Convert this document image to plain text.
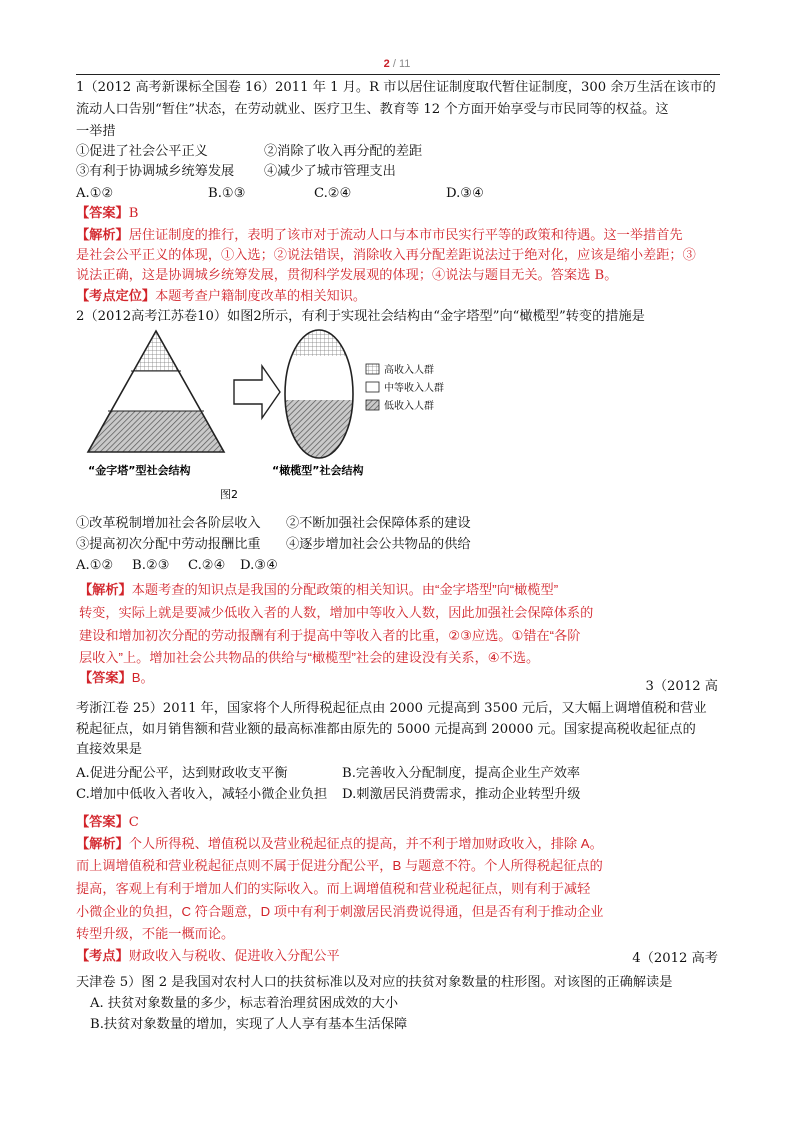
2 / 11
1（2012 高考新课标全国卷 16）2011 年 1 月。R 市以居住证制度取代暂住证制度，300 余万生活在该市的
流动人口告别“暂住”状态，在劳动就业、医疗卫生、教育等 12 个方面开始享受与市民同等的权益。这
一举措
①促进了社会公平正义	②消除了收入再分配的差距
③有利于协调城乡统筹发展 ④减少了城市管理支出
A.①②	B.①③	C.②④	D.③④
【答案】B
【解析】居住证制度的推行，表明了该市对于流动人口与本市市民实行平等的政策和待遇。这一举措首先
是社会公平正义的体现，①入选；②说法错误，消除收入再分配差距说法过于绝对化，应该是缩小差距；③
说法正确，这是协调城乡统筹发展，贯彻科学发展观的体现；④说法与题目无关。答案选 B。
【考点定位】本题考查户籍制度改革的相关知识。
2（2012高考江苏卷10）如图2所示，有利于实现社会结构由“金字塔型”向“橄榄型”转变的措施是
高收入人群
中等收入人群
低收入人群
“金字塔”型社会结构	“橄榄型”社会结构
图2
①改革税制增加社会各阶层收入 ②不断加强社会保障体系的建设
③提高初次分配中劳动报酬比重 ④逐步增加社会公共物品的供给
A.①② B.②③ C.②④ D.③④
【解析】本题考查的知识点是我国的分配政策的相关知识。由“金字塔型”向“橄榄型”
转变，实际上就是要减少低收入者的人数，增加中等收入人数，因此加强社会保障体系的
建设和增加初次分配的劳动报酬有利于提高中等收入者的比重，②③应选。①错在“各阶
层收入”上。增加社会公共物品的供给与“橄榄型”社会的建设没有关系，④不选。
【答案】B。
3（2012 高
考浙江卷 25）2011 年，国家将个人所得税起征点由 2000 元提高到 3500 元后，又大幅上调增值税和营业
税起征点，如月销售额和营业额的最高标准都由原先的 5000 元提高到 20000 元。国家提高税收起征点的
直接效果是
A.促进分配公平，达到财政收支平衡	B.完善收入分配制度，提高企业生产效率
C.增加中低收入者收入，减轻小微企业负担 D.刺激居民消费需求，推动企业转型升级
【答案】C
【解析】个人所得税、增值税以及营业税起征点的提高，并不利于增加财政收入，排除 A。
而上调增值税和营业税起征点则不属于促进分配公平，B 与题意不符。个人所得税起征点的
提高，客观上有利于增加人们的实际收入。而上调增值税和营业税起征点，则有利于减轻
小微企业的负担，C 符合题意，D 项中有利于刺激居民消费说得通，但是否有利于推动企业
转型升级，不能一概而论。
【考点】财政收入与税收、促进收入分配公平	4（2012 高考
天津卷 5）图 2 是我国对农村人口的扶贫标准以及对应的扶贫对象数量的柱形图。对该图的正确解读是
A. 扶贫对象数量的多少，标志着治理贫困成效的大小
B.扶贫对象数量的增加，实现了人人享有基本生活保障
